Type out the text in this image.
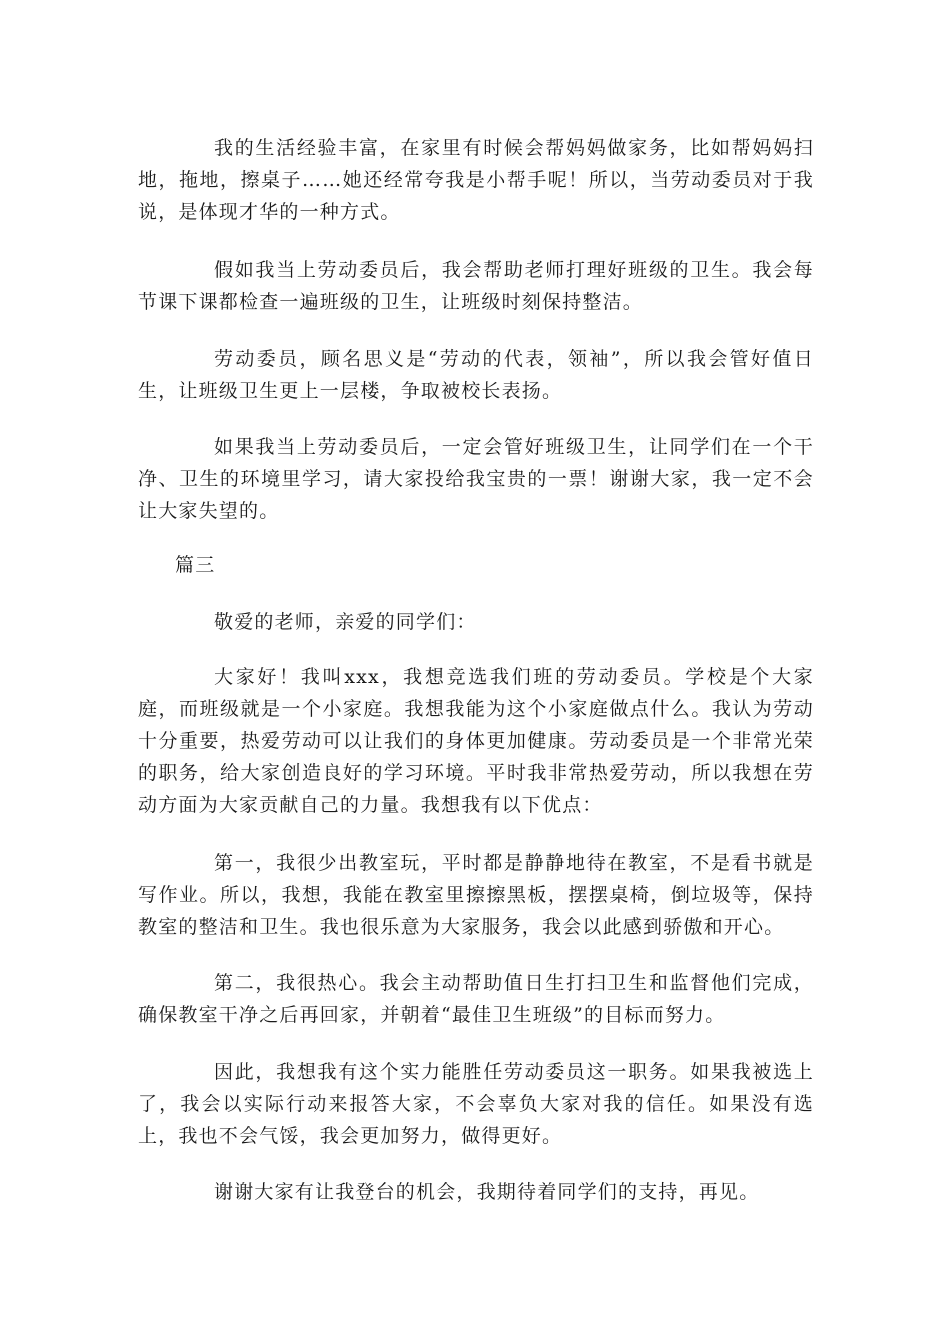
我的生活经验丰富，在家里有时候会帮妈妈做家务，比如帮妈妈扫地，拖地，擦桌子……她还经常夸我是小帮手呢！所以，当劳动委员对于我说，是体现才华的一种方式。

假如我当上劳动委员后，我会帮助老师打理好班级的卫生。我会每节课下课都检查一遍班级的卫生，让班级时刻保持整洁。

劳动委员，顾名思义是“劳动的代表，领袖”，所以我会管好值日生，让班级卫生更上一层楼，争取被校长表扬。

如果我当上劳动委员后，一定会管好班级卫生，让同学们在一个干净、卫生的环境里学习，请大家投给我宝贵的一票！谢谢大家，我一定不会让大家失望的。

篇三

敬爱的老师，亲爱的同学们：

大家好！我叫xxx，我想竞选我们班的劳动委员。学校是个大家庭，而班级就是一个小家庭。我想我能为这个小家庭做点什么。我认为劳动十分重要，热爱劳动可以让我们的身体更加健康。劳动委员是一个非常光荣的职务，给大家创造良好的学习环境。平时我非常热爱劳动，所以我想在劳动方面为大家贡献自己的力量。我想我有以下优点：

第一，我很少出教室玩，平时都是静静地待在教室，不是看书就是写作业。所以，我想，我能在教室里擦擦黑板，摆摆桌椅，倒垃圾等，保持教室的整洁和卫生。我也很乐意为大家服务，我会以此感到骄傲和开心。

第二，我很热心。我会主动帮助值日生打扫卫生和监督他们完成，确保教室干净之后再回家，并朝着“最佳卫生班级”的目标而努力。

因此，我想我有这个实力能胜任劳动委员这一职务。如果我被选上了，我会以实际行动来报答大家，不会辜负大家对我的信任。如果没有选上，我也不会气馁，我会更加努力，做得更好。

谢谢大家有让我登台的机会，我期待着同学们的支持，再见。
